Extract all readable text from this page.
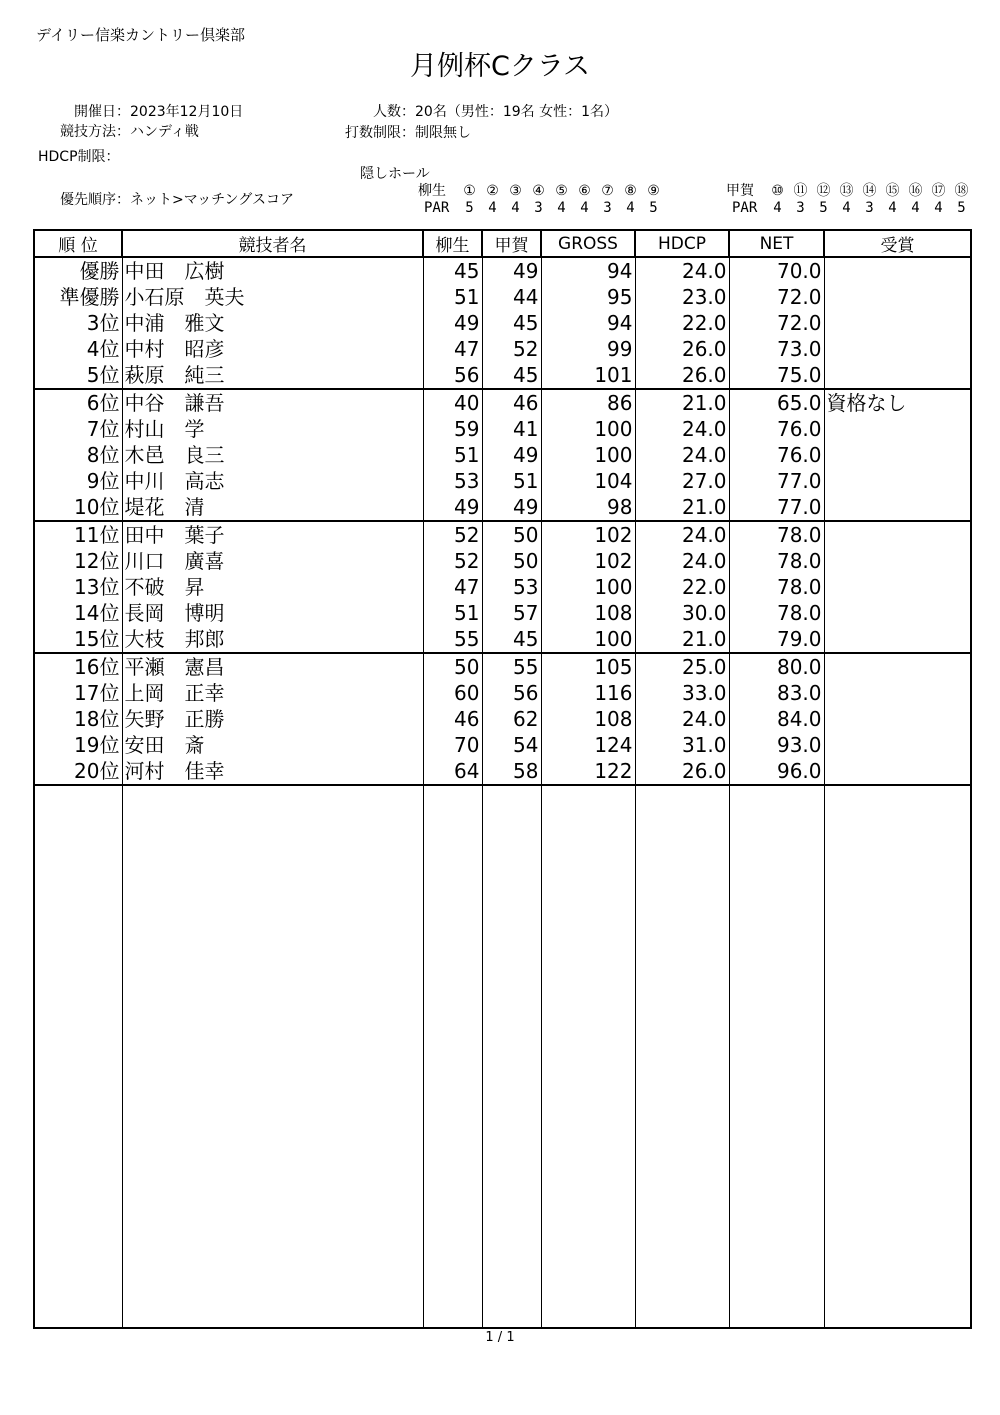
デイリー信楽カントリー倶楽部
月例杯Cクラス
開催日：2023年12月10日
競技方法：ハンディ戦
HDCP制限：
優先順序：ネット>マッチングスコア
人数：20名（男性：19名 女性：1名）
打数制限：制限無し
隠しホール
柳生 ① ② ③ ④ ⑤ ⑥ ⑦ ⑧ ⑨
PAR 5 4 4 3 4 4 3 4 5
甲賀 ⑩ ⑪ ⑫ ⑬ ⑭ ⑮ ⑯ ⑰ ⑱
PAR 4 3 5 4 3 4 4 4 5
順 位	競技者名	柳生	甲賀	GROSS	HDCP	NET	受賞
優勝	中田　広樹	45	49	94	24.0	70.0	
準優勝	小石原　英夫	51	44	95	23.0	72.0	
3位	中浦　雅文	49	45	94	22.0	72.0	
4位	中村　昭彦	47	52	99	26.0	73.0	
5位	萩原　純三	56	45	101	26.0	75.0	
6位	中谷　謙吾	40	46	86	21.0	65.0	資格なし
7位	村山　学	59	41	100	24.0	76.0	
8位	木邑　良三	51	49	100	24.0	76.0	
9位	中川　高志	53	51	104	27.0	77.0	
10位	堤花　清	49	49	98	21.0	77.0	
11位	田中　葉子	52	50	102	24.0	78.0	
12位	川口　廣喜	52	50	102	24.0	78.0	
13位	不破　昇	47	53	100	22.0	78.0	
14位	長岡　博明	51	57	108	30.0	78.0	
15位	大枝　邦郎	55	45	100	21.0	79.0	
16位	平瀬　憲昌	50	55	105	25.0	80.0	
17位	上岡　正幸	60	56	116	33.0	83.0	
18位	矢野　正勝	46	62	108	24.0	84.0	
19位	安田　斎	70	54	124	31.0	93.0	
20位	河村　佳幸	64	58	122	26.0	96.0	

1 / 1
